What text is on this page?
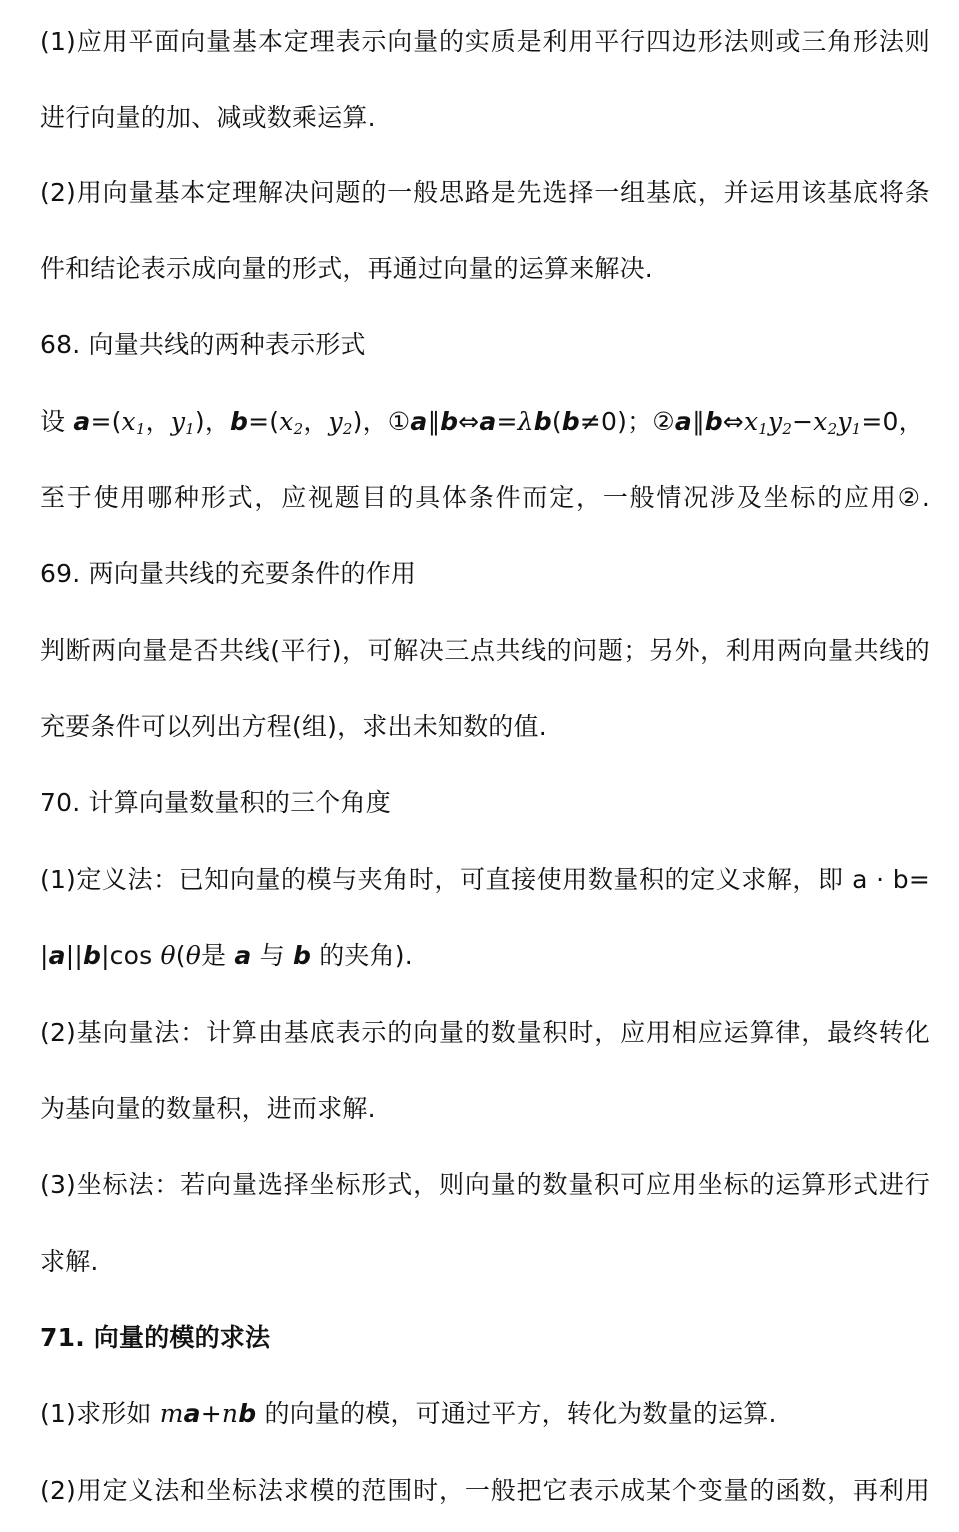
(1)应用平面向量基本定理表示向量的实质是利用平行四边形法则或三角形法则
进行向量的加、减或数乘运算.
(2)用向量基本定理解决问题的一般思路是先选择一组基底，并运用该基底将条
件和结论表示成向量的形式，再通过向量的运算来解决.
68. 向量共线的两种表示形式
设 $a=(x_1$，$y_1$)，$b=(x_2$，$y_2$)，①a∥b⇔a=λb(b≠0)；$②a\parallel b\Leftrightarrow x_1y_2-x_2y_1=0$，
至于使用哪种形式，应视题目的具体条件而定，一般情况涉及坐标的应用②.
69. 两向量共线的充要条件的作用
判断两向量是否共线(平行)，可解决三点共线的问题；另外，利用两向量共线的
充要条件可以列出方程(组)，求出未知数的值.
70. 计算向量数量积的三个角度
(1)定义法：已知向量的模与夹角时，可直接使用数量积的定义求解，即 a · b=
|a||b|cos θ(θ是 a 与 b 的夹角).
(2)基向量法：计算由基底表示的向量的数量积时，应用相应运算律，最终转化
为基向量的数量积，进而求解.
(3)坐标法：若向量选择坐标形式，则向量的数量积可应用坐标的运算形式进行
求解.
71. 向量的模的求法
(1)求形如 ma+nb 的向量的模，可通过平方，转化为数量的运算.
(2)用定义法和坐标法求模的范围时，一般把它表示成某个变量的函数，再利用
